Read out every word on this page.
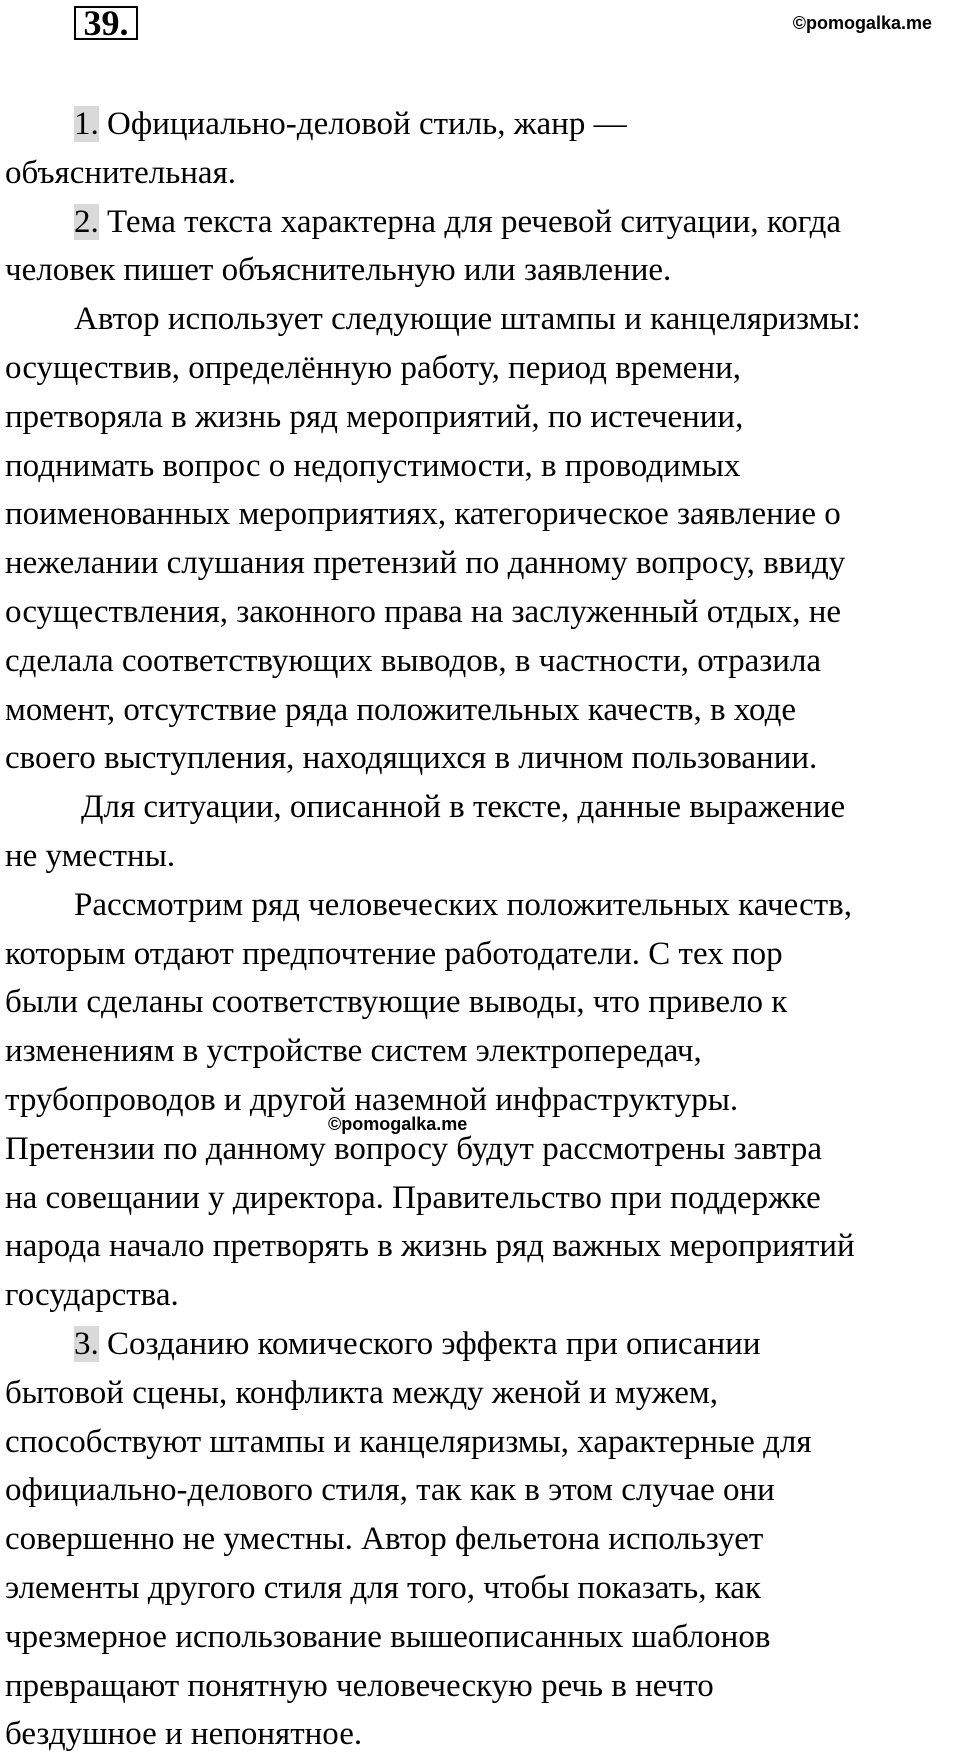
39.	©pomogalka.me
1. Официально-деловой стиль, жанр —
объяснительная.
2. Тема текста характерна для речевой ситуации, когда
человек пишет объяснительную или заявление.
Автор использует следующие штампы и канцеляризмы:
осуществив, определённую работу, период времени,
претворяла в жизнь ряд мероприятий, по истечении,
поднимать вопрос о недопустимости, в проводимых
поименованных мероприятиях, категорическое заявление о
нежелании слушания претензий по данному вопросу, ввиду
осуществления, законного права на заслуженный отдых, не
сделала соответствующих выводов, в частности, отразила
момент, отсутствие ряда положительных качеств, в ходе
своего выступления, находящихся в личном пользовании.
Для ситуации, описанной в тексте, данные выражение
не уместны.
Рассмотрим ряд человеческих положительных качеств,
которым отдают предпочтение работодатели. С тех пор
были сделаны соответствующие выводы, что привело к
изменениям в устройстве систем электропередач,
трубопроводов и другой наземной инфраструктуры.
Претензии по данному вопросу будут рассмотрены завтра
на совещании у директора. Правительство при поддержке
народа начало претворять в жизнь ряд важных мероприятий
государства.
3. Созданию комического эффекта при описании
бытовой сцены, конфликта между женой и мужем,
способствуют штампы и канцеляризмы, характерные для
официально-делового стиля, так как в этом случае они
совершенно не уместны. Автор фельетона использует
элементы другого стиля для того, чтобы показать, как
чрезмерное использование вышеописанных шаблонов
превращают понятную человеческую речь в нечто
бездушное и непонятное.
©pomogalka.me
